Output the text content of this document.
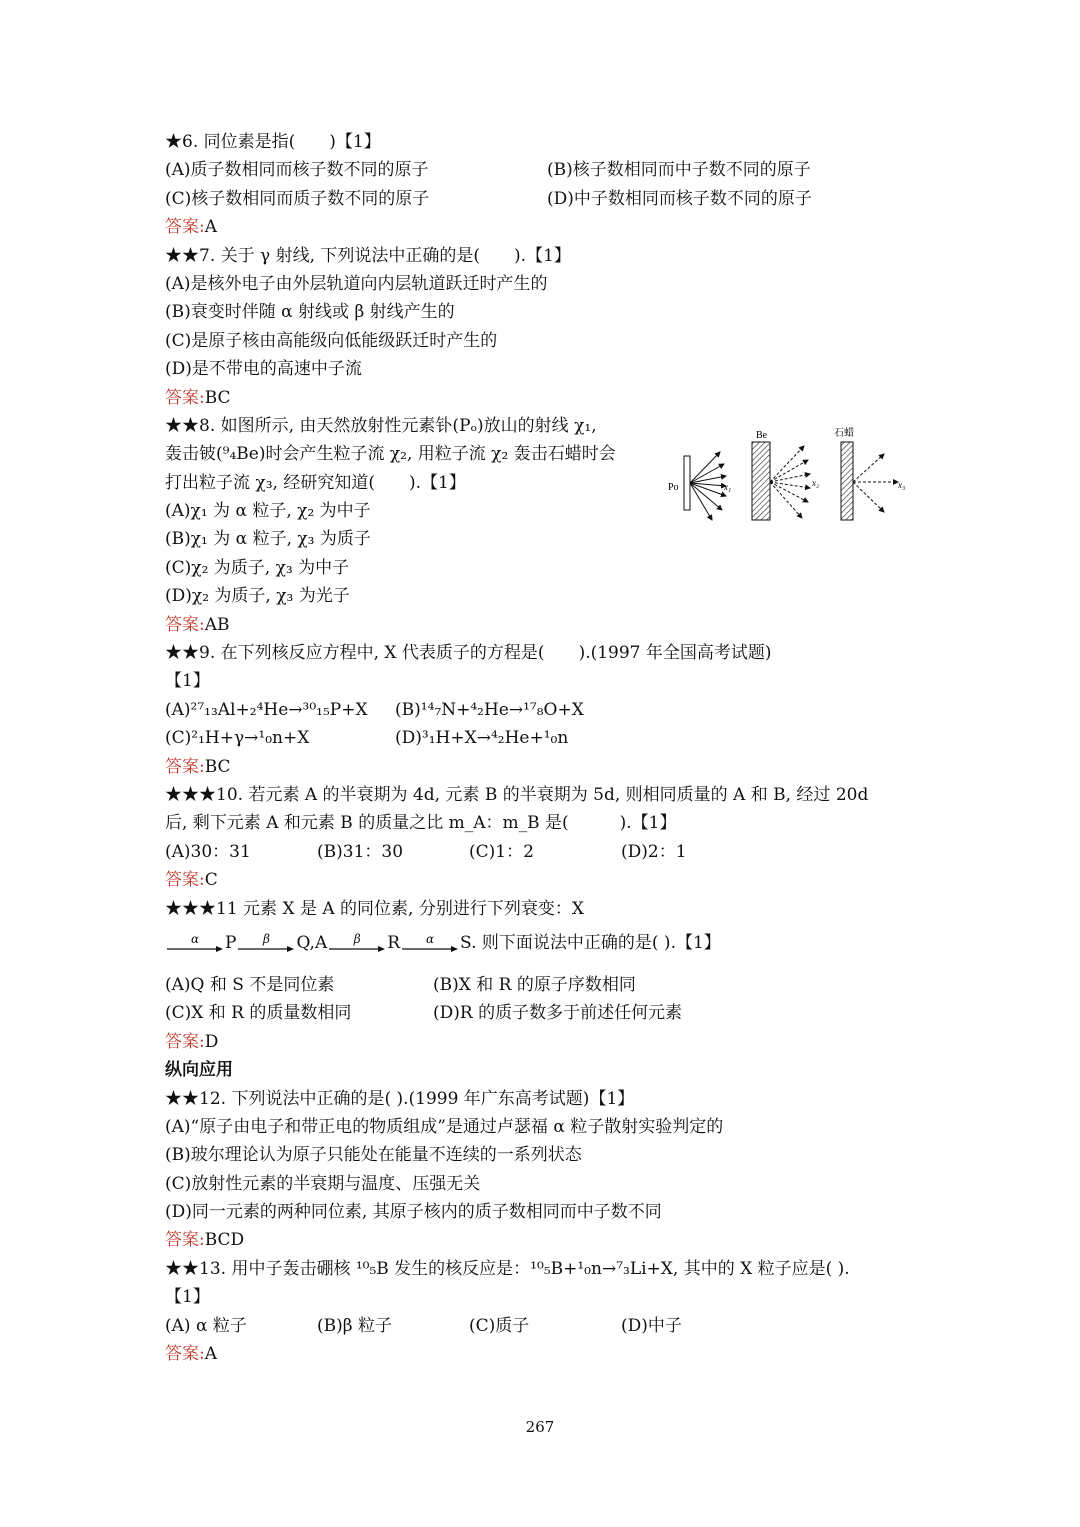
★6. 同位素是指(　　)【1】
(A)质子数相同而核子数不同的原子	(B)核子数相同而中子数不同的原子
(C)核子数相同而质子数不同的原子	(D)中子数相同而核子数不同的原子
答案:A
★★7. 关于 γ 射线, 下列说法中正确的是(　　).【1】
(A)是核外电子由外层轨道向内层轨道跃迁时产生的
(B)衰变时伴随 α 射线或 β 射线产生的
(C)是原子核由高能级向低能级跃迁时产生的
(D)是不带电的高速中子流
答案:BC
★★8. 如图所示, 由天然放射性元素钋(Pₒ)放山的射线 χ₁,
轰击铍(⁹₄Be)时会产生粒子流 χ₂, 用粒子流 χ₂ 轰击石蜡时会
打出粒子流 χ₃, 经研究知道(　　).【1】
(A)χ₁ 为 α 粒子, χ₂ 为中子
(B)χ₁ 为 α 粒子, χ₃ 为质子
(C)χ₂ 为质子, χ₃ 为中子
(D)χ₂ 为质子, χ₃ 为光子
答案:AB
★★9. 在下列核反应方程中, X 代表质子的方程是(　　).(1997 年全国高考试题)
【1】
(A)²⁷₁₃Al+₂⁴He→³⁰₁₅P+X (B)¹⁴₇N+⁴₂He→¹⁷₈O+X
(C)²₁H+γ→¹₀n+X	(D)³₁H+X→⁴₂He+¹₀n
答案:BC
★★★10. 若元素 A 的半衰期为 4d, 元素 B 的半衰期为 5d, 则相同质量的 A 和 B, 经过 20d
后, 剩下元素 A 和元素 B 的质量之比 m_A：m_B 是(　　　).【1】
(A)30：31	(B)31：30	(C)1：2	(D)2：1
答案:C
★★★11 元素 X 是 A 的同位素, 分别进行下列衰变：X
α P β Q, A β R α S. 则下面说法中正确的是( ).【1】
(A)Q 和 S 不是同位素	(B)X 和 R 的原子序数相同
(C)X 和 R 的质量数相同	(D)R 的质子数多于前述任何元素
答案:D
纵向应用
★★12. 下列说法中正确的是( ).(1999 年广东高考试题)【1】
(A)“原子由电子和带正电的物质组成”是通过卢瑟福 α 粒子散射实验判定的
(B)玻尔理论认为原子只能处在能量不连续的一系列状态
(C)放射性元素的半衰期与温度、压强无关
(D)同一元素的两种同位素, 其原子核内的质子数相同而中子数不同
答案:BCD
★★13. 用中子轰击硼核 ¹⁰₅B 发生的核反应是：¹⁰₅B+¹₀n→⁷₃Li+X, 其中的 X 粒子应是( ).
【1】
(A) α 粒子	(B)β 粒子	(C)质子	(D)中子
答案:A
Po	x₁
Be
x₂
石蜡
x₃
267
